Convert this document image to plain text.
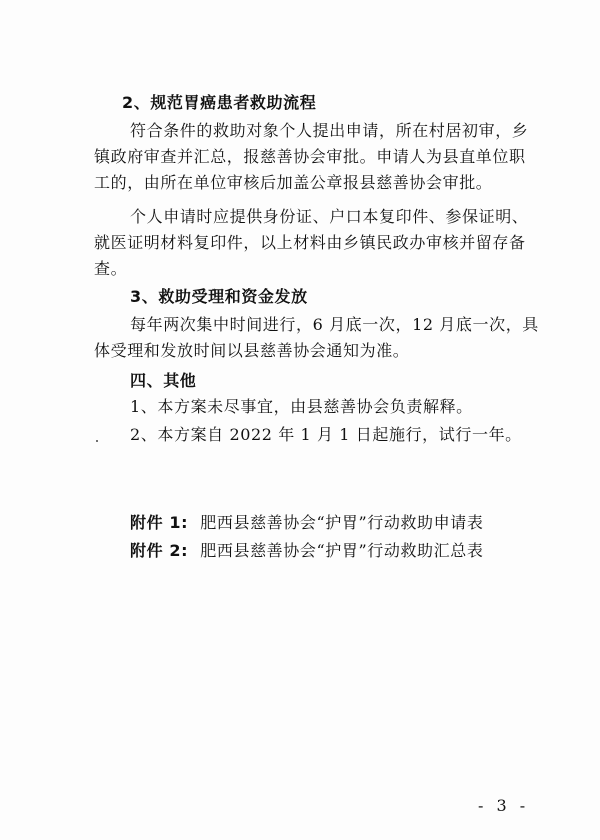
2、规范胃癌患者救助流程
符合条件的救助对象个人提出申请，所在村居初审，乡
镇政府审查并汇总，报慈善协会审批。申请人为县直单位职
工的，由所在单位审核后加盖公章报县慈善协会审批。
个人申请时应提供身份证、户口本复印件、参保证明、
就医证明材料复印件，以上材料由乡镇民政办审核并留存备
查。
3、救助受理和资金发放
每年两次集中时间进行，6 月底一次，12 月底一次，具
体受理和发放时间以县慈善协会通知为准。
四、其他
1、本方案未尽事宜，由县慈善协会负责解释。
2、本方案自 2022 年 1 月 1 日起施行，试行一年。
附件 1: 肥西县慈善协会“护胃”行动救助申请表
附件 2: 肥西县慈善协会“护胃”行动救助汇总表
- 3 -
